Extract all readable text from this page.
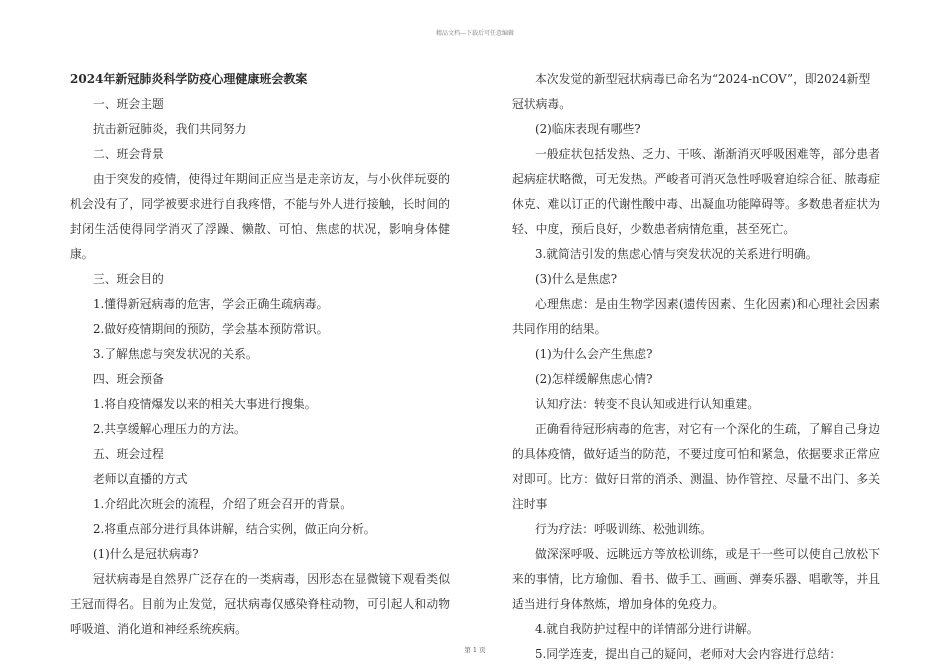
精品文档---下载后可任意编辑

2024年新冠肺炎科学防疫心理健康班会教案

一、班会主题

抗击新冠肺炎，我们共同努力

二、班会背景

由于突发的疫情，使得过年期间正应当是走亲访友，与小伙伴玩耍的机会没有了，同学被要求进行自我疼惜，不能与外人进行接触，长时间的封闭生活使得同学消灭了浮躁、懒散、可怕、焦虑的状况，影响身体健康。

三、班会目的

1.懂得新冠病毒的危害，学会正确生疏病毒。

2.做好疫情期间的预防，学会基本预防常识。

3.了解焦虑与突发状况的关系。

四、班会预备

1.将自疫情爆发以来的相关大事进行搜集。

2.共享缓解心理压力的方法。

五、班会过程

老师以直播的方式

1.介绍此次班会的流程，介绍了班会召开的背景。

2.将重点部分进行具体讲解，结合实例，做正向分析。

(1)什么是冠状病毒?

冠状病毒是自然界广泛存在的一类病毒，因形态在显微镜下观看类似王冠而得名。目前为止发觉，冠状病毒仅感染脊柱动物，可引起人和动物呼吸道、消化道和神经系统疾病。

本次发觉的新型冠状病毒已命名为“2024-nCOV”，即2024新型冠状病毒。

(2)临床表现有哪些?

一般症状包括发热、乏力、干咳、渐渐消灭呼吸困难等，部分患者起病症状略微，可无发热。严峻者可消灭急性呼吸窘迫综合征、脓毒症休克、难以订正的代谢性酸中毒、出凝血功能障碍等。多数患者症状为轻、中度，预后良好，少数患者病情危重，甚至死亡。

3.就简洁引发的焦虑心情与突发状况的关系进行明确。

(3)什么是焦虑?

心理焦虑：是由生物学因素(遗传因素、生化因素)和心理社会因素共同作用的结果。

(1)为什么会产生焦虑?

(2)怎样缓解焦虑心情?

认知疗法：转变不良认知或进行认知重建。

正确看待冠形病毒的危害，对它有一个深化的生疏，了解自己身边的具体疫情，做好适当的防范，不要过度可怕和紧急，依据要求正常应对即可。比方：做好日常的消杀、测温、协作管控、尽量不出门、多关注时事

行为疗法：呼吸训练、松弛训练。

做深深呼吸、远眺远方等放松训练，或是干一些可以使自己放松下来的事情，比方瑜伽、看书、做手工、画画、弹奏乐器、唱歌等，并且适当进行身体熬炼，增加身体的免疫力。

4.就自我防护过程中的详情部分进行讲解。

5.同学连麦，提出自己的疑问，老师对大会内容进行总结：

第 1 页
